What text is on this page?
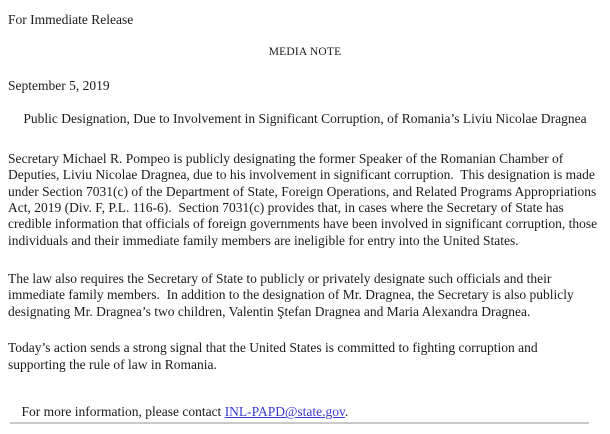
For Immediate Release
MEDIA NOTE
September 5, 2019
Public Designation, Due to Involvement in Significant Corruption, of Romania’s Liviu Nicolae Dragnea
Secretary Michael R. Pompeo is publicly designating the former Speaker of the Romanian Chamber of
Deputies, Liviu Nicolae Dragnea, due to his involvement in significant corruption.  This designation is made
under Section 7031(c) of the Department of State, Foreign Operations, and Related Programs Appropriations
Act, 2019 (Div. F, P.L. 116-6).  Section 7031(c) provides that, in cases where the Secretary of State has
credible information that officials of foreign governments have been involved in significant corruption, those
individuals and their immediate family members are ineligible for entry into the United States.
The law also requires the Secretary of State to publicly or privately designate such officials and their
immediate family members.  In addition to the designation of Mr. Dragnea, the Secretary is also publicly
designating Mr. Dragnea’s two children, Valentin Ştefan Dragnea and Maria Alexandra Dragnea.
Today’s action sends a strong signal that the United States is committed to fighting corruption and
supporting the rule of law in Romania.

For more information, please contact INL-PAPD@state.gov.
